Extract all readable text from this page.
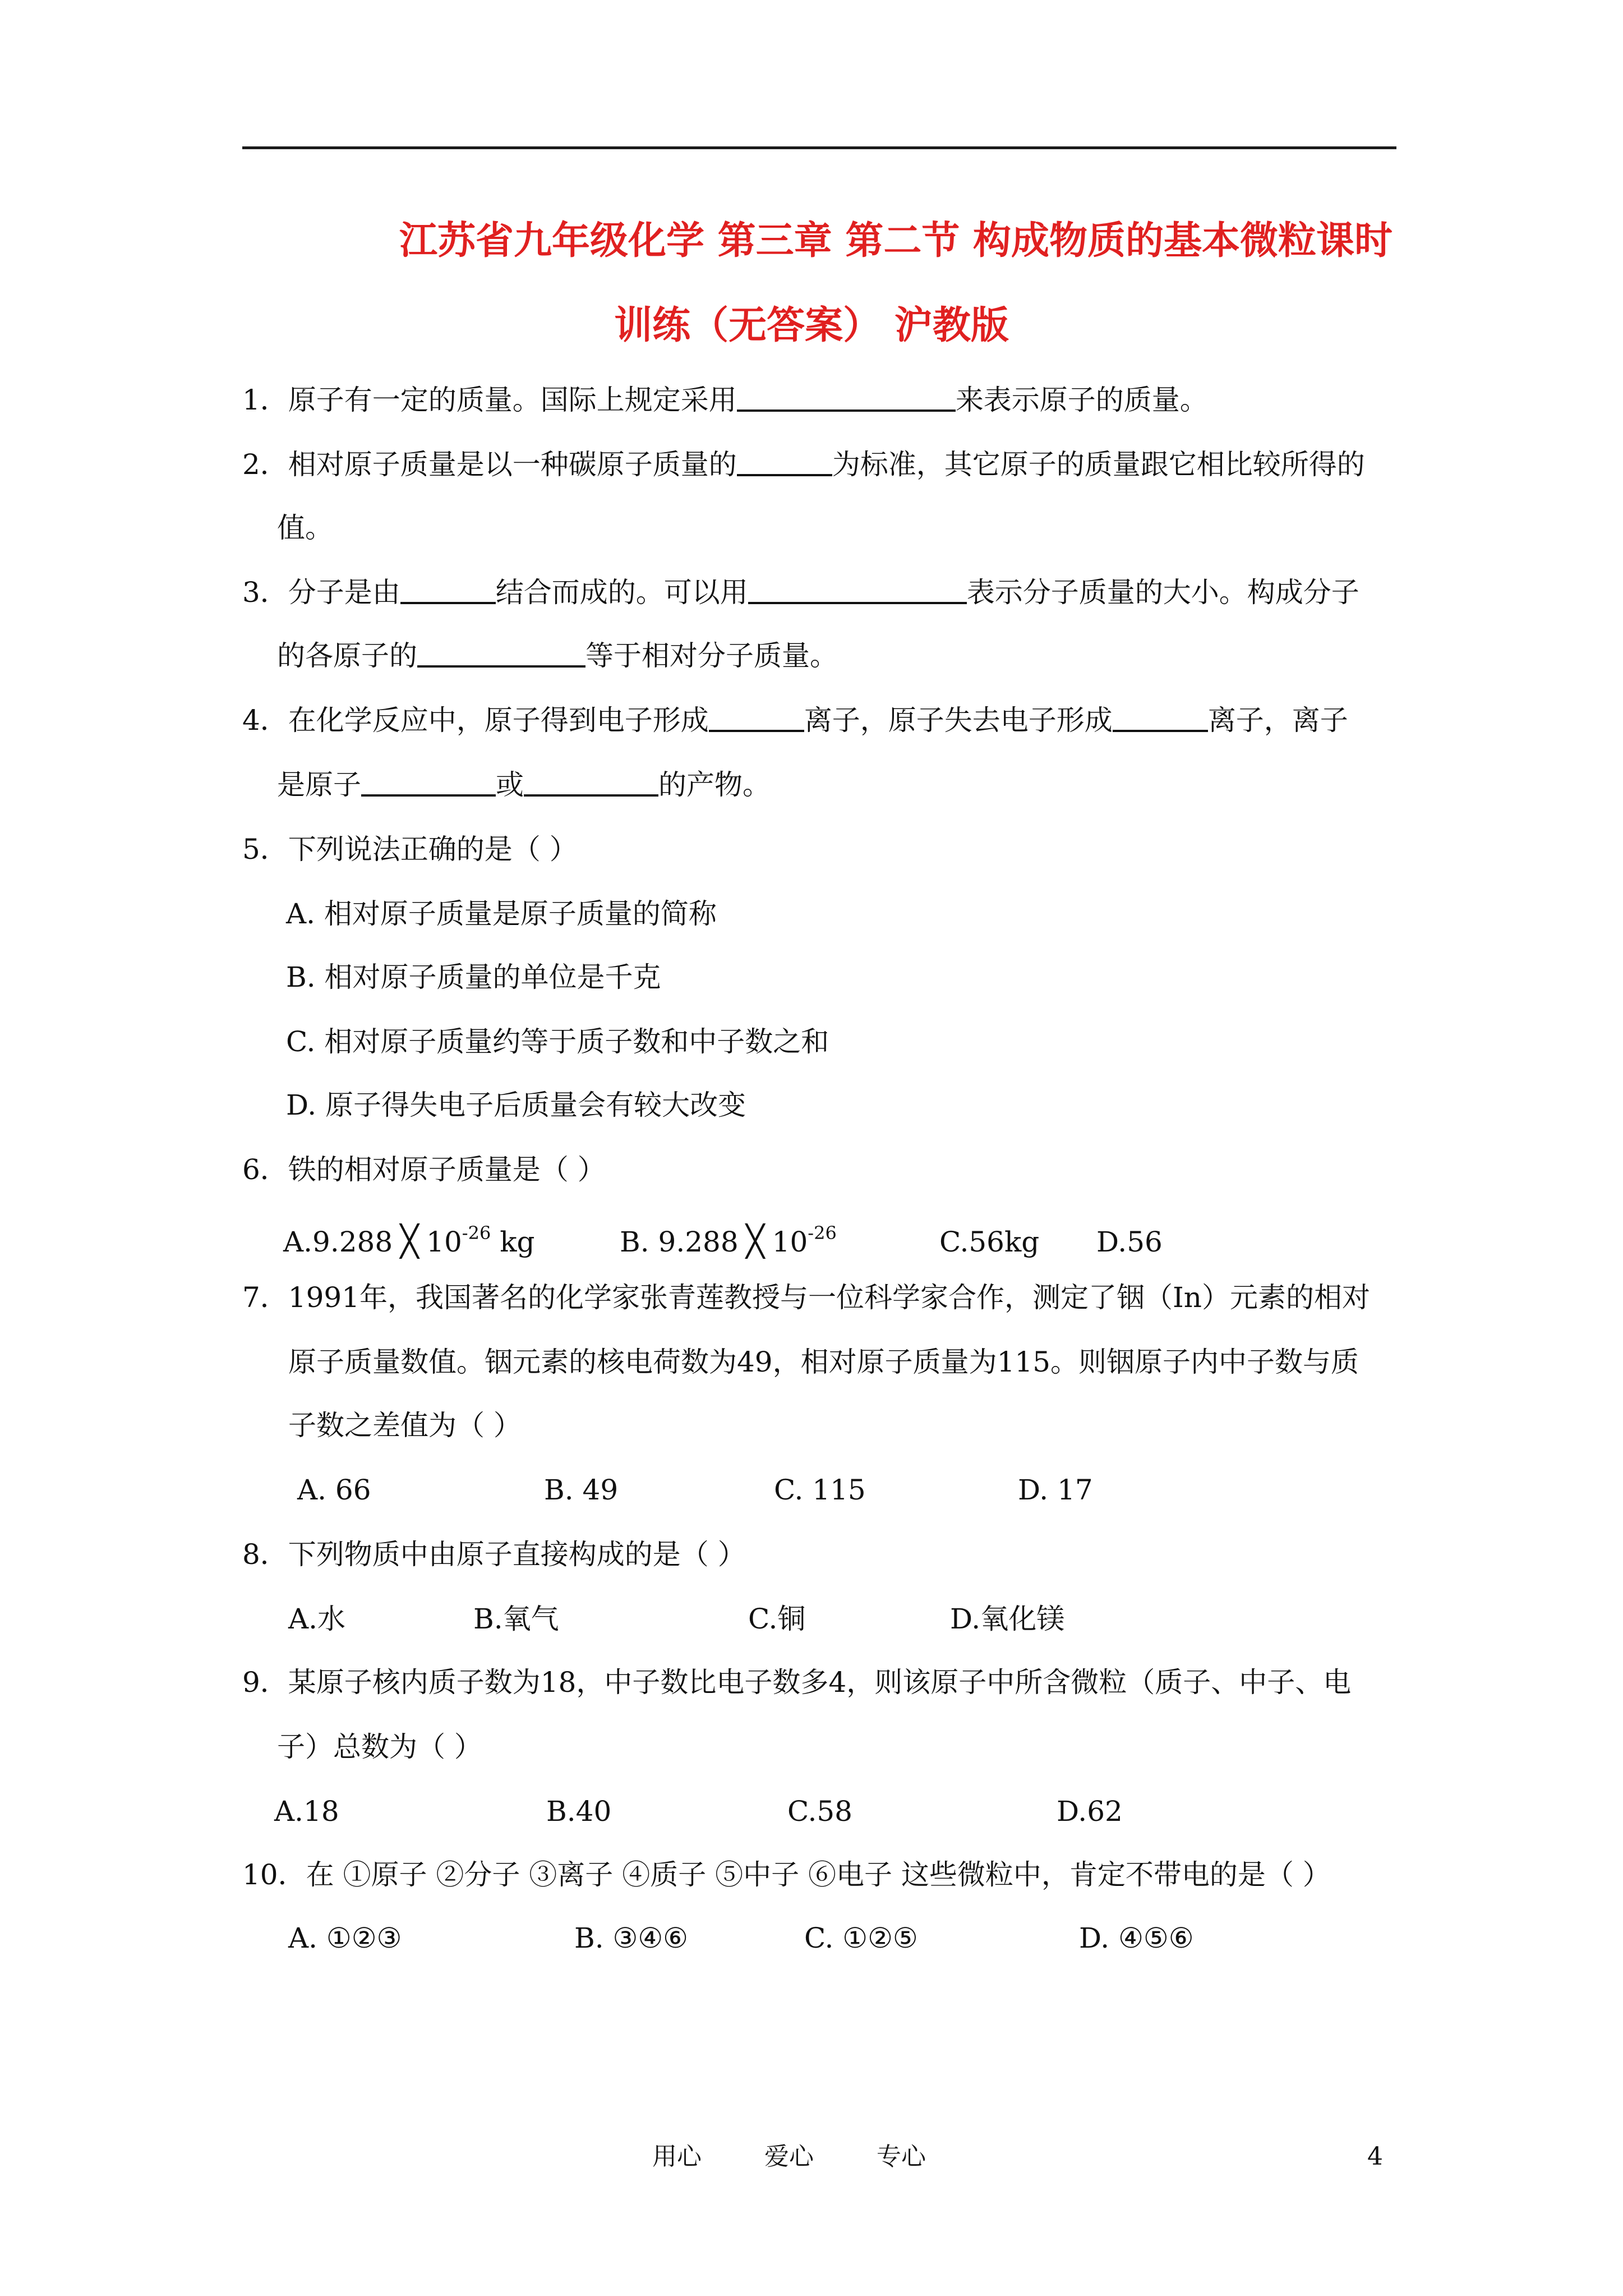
江苏省九年级化学 第三章 第二节 构成物质的基本微粒课时
训练（无答案） 沪教版
1．原子有一定的质量。国际上规定采用	来表示原子的质量。
2．相对原子质量是以一种碳原子质量的	为标准，其它原子的质量跟它相比较所得的
值。
3．分子是由	结合而成的。可以用	表示分子质量的大小。构成分子
的各原子的	等于相对分子质量。
4．在化学反应中，原子得到电子形成	离子，原子失去电子形成	离子，离子
是原子	或	的产物。
5．下列说法正确的是（ ）
A. 相对原子质量是原子质量的简称
B. 相对原子质量的单位是千克
C. 相对原子质量约等于质子数和中子数之和
D. 原子得失电子后质量会有较大改变
6．铁的相对原子质量是（ ）
A.9.288 ╳ $10^{-26}$ kg	B. 9.288 ╳ $10^{-26}$	C.56kg D.56
7．1991年，我国著名的化学家张青莲教授与一位科学家合作，测定了铟（In）元素的相对
原子质量数值。铟元素的核电荷数为49，相对原子质量为115。则铟原子内中子数与质
子数之差值为（ ）
A. 66	B. 49	C. 115	D. 17
8．下列物质中由原子直接构成的是（ ）
A.水	B.氧气	C.铜	D.氧化镁
9．某原子核内质子数为18，中子数比电子数多4，则该原子中所含微粒（质子、中子、电
子）总数为（ ）
A.18	B.40	C.58	D.62
10．在 ①原子 ②分子 ③离子 ④质子 ⑤中子 ⑥电子 这些微粒中，肯定不带电的是（ ）
A. ①②③	B. ③④⑥	C. ①②⑤	D. ④⑤⑥
用心	爱心	专心	4
